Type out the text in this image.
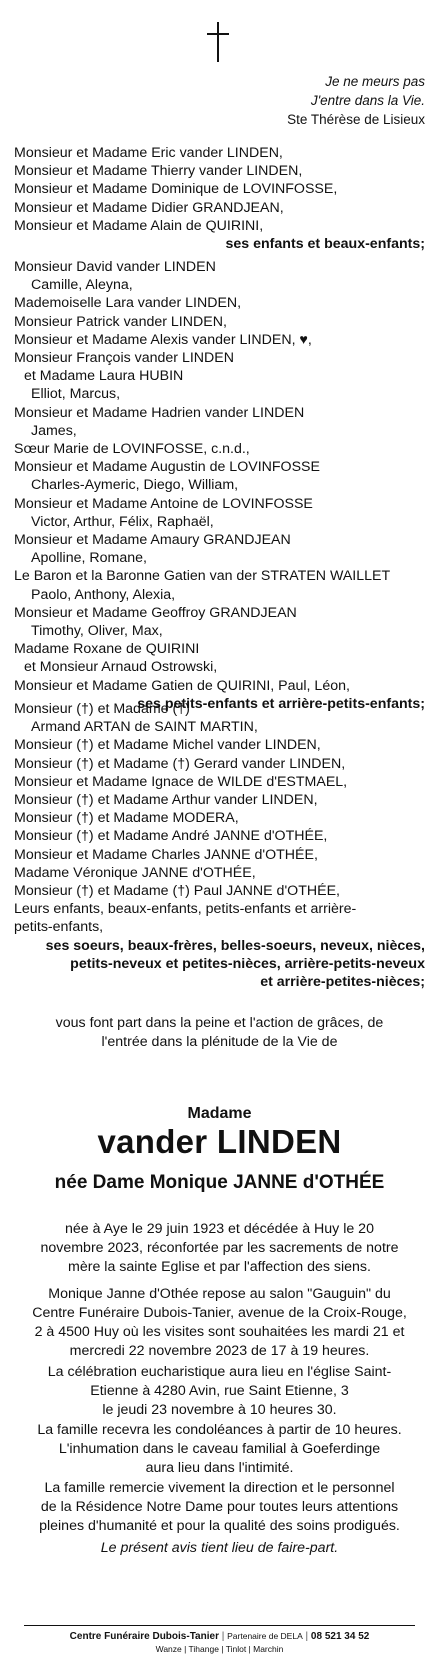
Je ne meurs pas
J'entre dans la Vie.
Ste Thérèse de Lisieux
Monsieur et Madame Eric vander LINDEN,
Monsieur et Madame Thierry vander LINDEN,
Monsieur et Madame Dominique de LOVINFOSSE,
Monsieur et Madame Didier GRANDJEAN,
Monsieur et Madame Alain de QUIRINI,
ses enfants et beaux-enfants;
Monsieur David vander LINDEN
Camille, Aleyna,
Mademoiselle Lara vander LINDEN,
Monsieur Patrick vander LINDEN,
Monsieur et Madame Alexis vander LINDEN, ♥,
Monsieur François vander LINDEN
et Madame Laura HUBIN
Elliot, Marcus,
Monsieur et Madame Hadrien vander LINDEN
James,
Sœur Marie de LOVINFOSSE, c.n.d.,
Monsieur et Madame Augustin de LOVINFOSSE
Charles-Aymeric, Diego, William,
Monsieur et Madame Antoine de LOVINFOSSE
Victor, Arthur, Félix, Raphaël,
Monsieur et Madame Amaury GRANDJEAN
Apolline, Romane,
Le Baron et la Baronne Gatien van der STRATEN WAILLET
Paolo, Anthony, Alexia,
Monsieur et Madame Geoffroy GRANDJEAN
Timothy, Oliver, Max,
Madame Roxane de QUIRINI
et Monsieur Arnaud Ostrowski,
Monsieur et Madame Gatien de QUIRINI, Paul, Léon,
ses petits-enfants et arrière-petits-enfants;
Monsieur (†) et Madame (†)
Armand ARTAN de SAINT MARTIN,
Monsieur (†) et Madame Michel vander LINDEN,
Monsieur (†) et Madame (†) Gerard vander LINDEN,
Monsieur et Madame Ignace de WILDE d'ESTMAEL,
Monsieur (†) et Madame Arthur vander LINDEN,
Monsieur (†) et Madame MODERA,
Monsieur (†) et Madame André JANNE d'OTHÉE,
Monsieur et Madame Charles JANNE d'OTHÉE,
Madame Véronique JANNE d'OTHÉE,
Monsieur (†) et Madame (†) Paul JANNE d'OTHÉE,
Leurs enfants, beaux-enfants, petits-enfants et arrière-
petits-enfants,
ses soeurs, beaux-frères, belles-soeurs, neveux, nièces,
petits-neveux et petites-nièces, arrière-petits-neveux
et arrière-petites-nièces;
vous font part dans la peine et l'action de grâces, de
l'entrée dans la plénitude de la Vie de
Madame
vander LINDEN
née Dame Monique JANNE d'OTHÉE
née à Aye le 29 juin 1923 et décédée à Huy le 20
novembre 2023, réconfortée par les sacrements de notre
mère la sainte Eglise et par l'affection des siens.
Monique Janne d'Othée repose au salon "Gauguin" du
Centre Funéraire Dubois-Tanier, avenue de la Croix-Rouge,
2 à 4500 Huy où les visites sont souhaitées les mardi 21 et
mercredi 22 novembre 2023 de 17 à 19 heures.
La célébration eucharistique aura lieu en l'église Saint-
Etienne à 4280 Avin, rue Saint Etienne, 3
le jeudi 23 novembre à 10 heures 30.
La famille recevra les condoléances à partir de 10 heures.
L'inhumation dans le caveau familial à Goeferdinge
aura lieu dans l'intimité.
La famille remercie vivement la direction et le personnel
de la Résidence Notre Dame pour toutes leurs attentions
pleines d'humanité et pour la qualité des soins prodigués.
Le présent avis tient lieu de faire-part.
Centre Funéraire Dubois-Tanier | Partenaire de DELA | 08 521 34 52
Wanze | Tihange | Tinlot | Marchin
